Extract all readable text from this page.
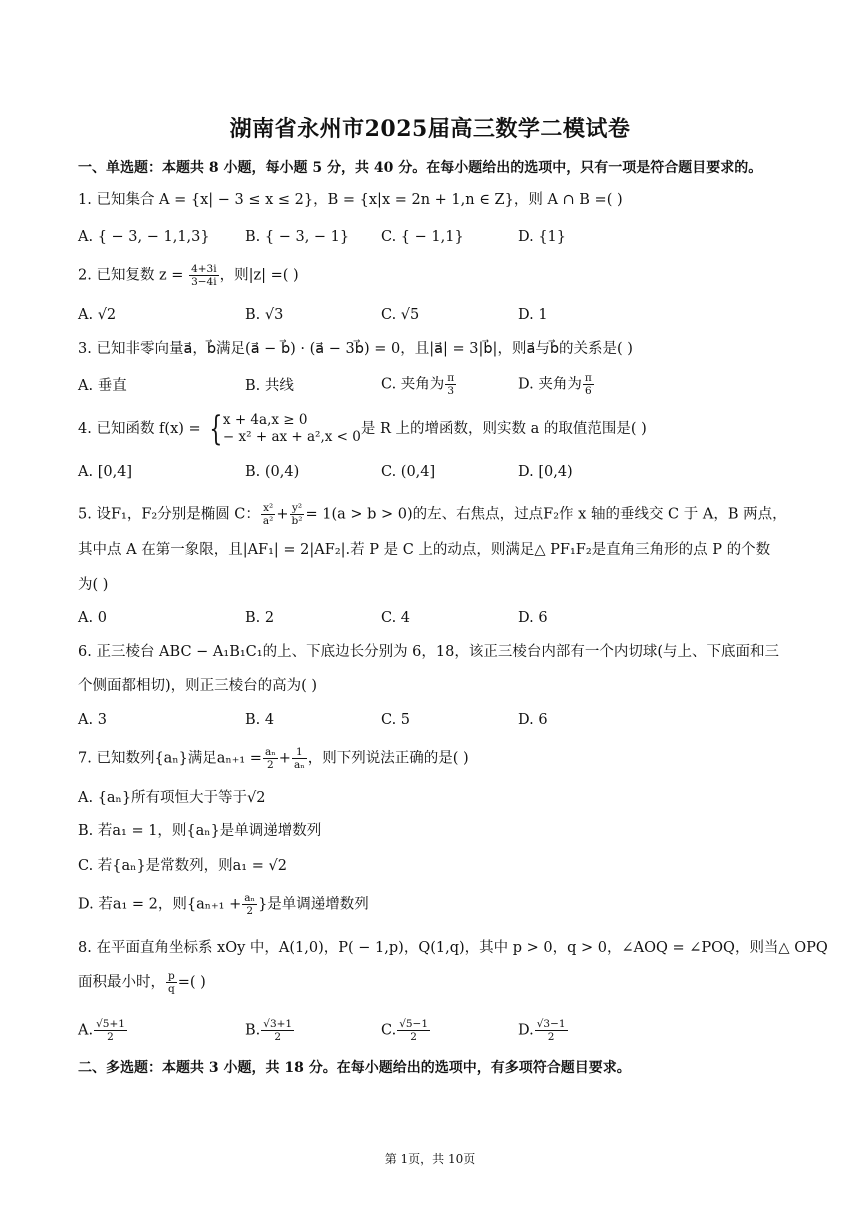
湖南省永州市2025届高三数学二模试卷
一、单选题：本题共 8 小题，每小题 5 分，共 40 分。在每小题给出的选项中，只有一项是符合题目要求的。
1. 已知集合 A = {x| − 3 ≤ x ≤ 2}，B = {x|x = 2n + 1,n ∈ Z}，则 A ∩ B =( )
A. { − 3, − 1,1,3} B. { − 3, − 1} C. { − 1,1}	D. {1}
2. 已知复数 $z = \frac{4+3i}{3-4i}$ ，则|z| =( )
A. √2	B. √3	C. √5	D. 1
3. 已知非零向量a⃗，b⃗满足(a⃗ − b⃗) · (a⃗ − 3b⃗) = 0，且|a⃗| = 3|b⃗|，则a⃗与b⃗的关系是( )
A. 垂直	B. 共线	C. 夹角为 $\frac{\pi}{3}$	D. 夹角为 $\frac{\pi}{6}$
4. 已知函数 f(x) = { x + 4a,x ≥ 0
− x² + ax + a²,x < 0 是 R 上的增函数，则实数 a 的取值范围是( )
A. [0,4]	B. (0,4)	C. (0,4]	D. [0,4)
5. 设F₁，F₂分别是椭圆 C： $\frac{\text{x²}}{\text{a²}} + \frac{\text{y²}}{\text{b²}} = 1(a > b > 0)$的左、右焦点，过点F₂作 x 轴的垂线交 C 于 A，B 两点，
其中点 A 在第一象限，且|AF₁| = 2|AF₂|.若 P 是 C 上的动点，则满足△ PF₁F₂是直角三角形的点 P 的个数
为( )
A. 0	B. 2	C. 4	D. 6
6. 正三棱台 ABC − A₁B₁C₁的上、下底边长分别为 6，18，该正三棱台内部有一个内切球(与上、下底面和三
个侧面都相切)，则正三棱台的高为( )
A. 3	B. 4	C. 5	D. 6
7. 已知数列{aₙ}满足$a_{n+1} = \frac{\text{aₙ}}{2} + \frac{1}{\text{aₙ}}$ ，则下列说法正确的是( )
A. {aₙ}所有项恒大于等于√2
B. 若a₁ = 1，则{aₙ}是单调递增数列
C. 若{aₙ}是常数列，则a₁ = √2
D. 若a₁ = 2，则{$a_{n+1} + \frac{\text{aₙ}}{2}$ }是单调递增数列
8. 在平面直角坐标系 xOy 中，A(1,0)，P( − 1,p)，Q(1,q)，其中 p > 0，q > 0，∠AOQ = ∠POQ，则当△ OPQ
面积最小时， $\frac{p}{q}$ =( )
A. $\frac{√5+1}{2}$	B. $\frac{√3+1}{2}$	C. $\frac{√5-1}{2}$	D. $\frac{√3-1}{2}$
二、多选题：本题共 3 小题，共 18 分。在每小题给出的选项中，有多项符合题目要求。
第 1页，共 10页
